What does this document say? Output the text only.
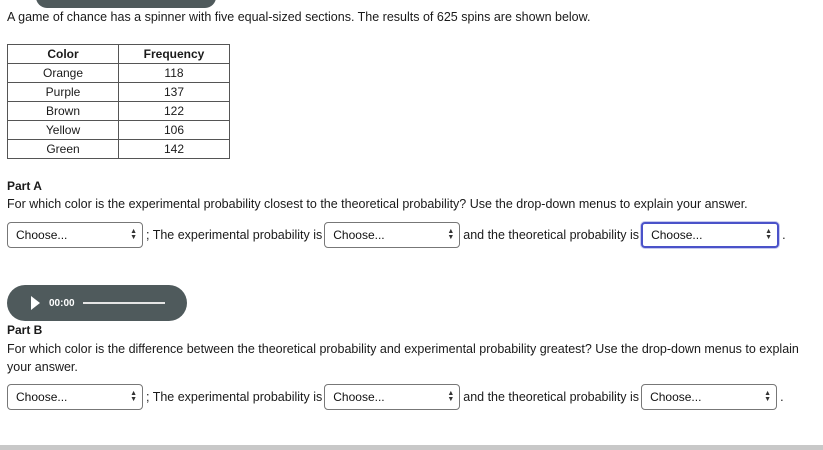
A game of chance has a spinner with five equal-sized sections. The results of 625 spins are shown below.
Color	Frequency
Orange	118
Purple	137
Brown	122
Yellow	106
Green	142
Part A
For which color is the experimental probability closest to the theoretical probability? Use the drop-down menus to explain your answer.
Choose...	▲
▼ ; The experimental probability is Choose...	▲
▼ and the theoretical probability is Choose...	▲
▼ .
00:00
Part B
For which color is the difference between the theoretical probability and experimental probability greatest? Use the drop-down menus to explain your answer.
Choose...	▲
▼ ; The experimental probability is Choose...	▲
▼ and the theoretical probability is Choose...	▲
▼ .
